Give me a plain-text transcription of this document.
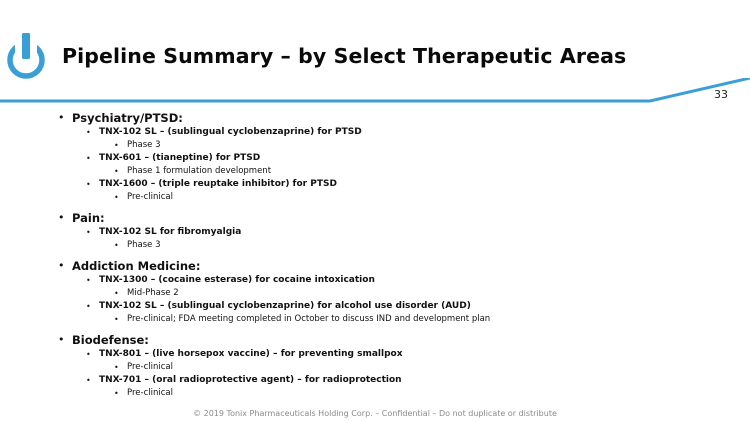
Pipeline Summary – by Select Therapeutic Areas
33
• Psychiatry/PTSD:
• TNX-102 SL – (sublingual cyclobenzaprine) for PTSD
• Phase 3
• TNX-601 – (tianeptine) for PTSD
• Phase 1 formulation development
• TNX-1600 – (triple reuptake inhibitor) for PTSD
• Pre-clinical
• Pain:
• TNX-102 SL for fibromyalgia
• Phase 3
• Addiction Medicine:
• TNX-1300 – (cocaine esterase) for cocaine intoxication
• Mid-Phase 2
• TNX-102 SL – (sublingual cyclobenzaprine) for alcohol use disorder (AUD)
• Pre-clinical; FDA meeting completed in October to discuss IND and development plan
• Biodefense:
• TNX-801 – (live horsepox vaccine) – for preventing smallpox
• Pre-clinical
• TNX-701 – (oral radioprotective agent) – for radioprotection
• Pre-clinical
© 2019 Tonix Pharmaceuticals Holding Corp. – Confidential – Do not duplicate or distribute
